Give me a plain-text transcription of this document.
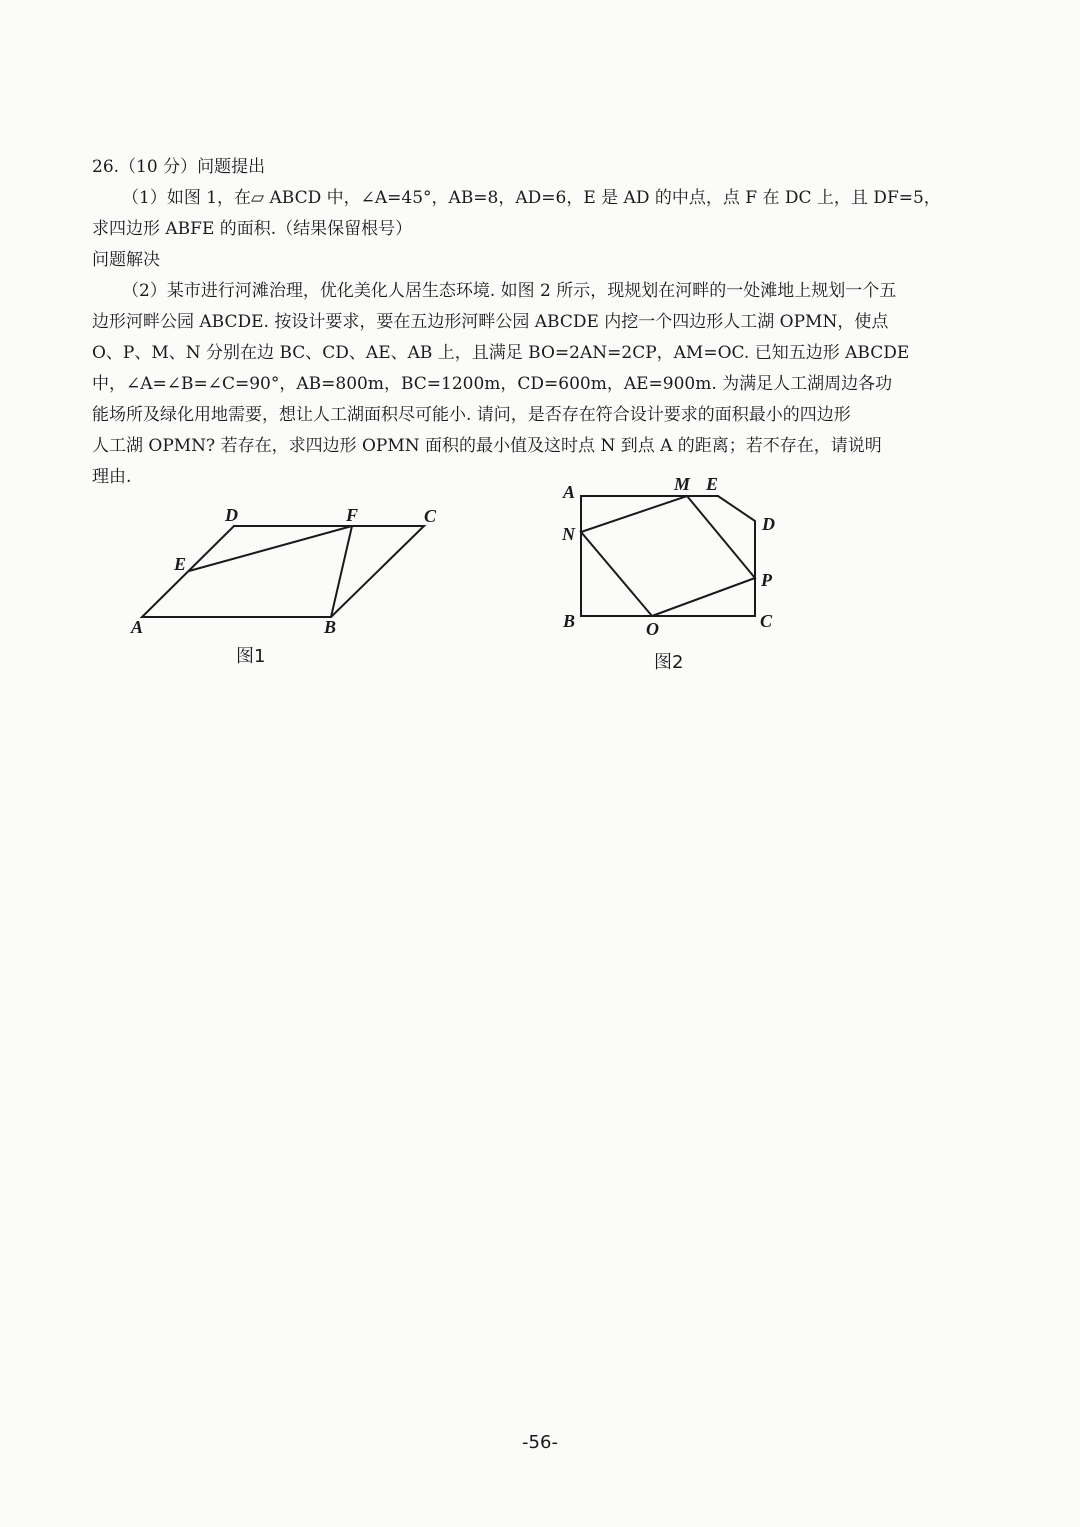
26.（10 分）问题提出

（1）如图 1，在▱ ABCD 中，∠A=45°，AB=8，AD=6，E 是 AD 的中点，点 F 在 DC 上，且 DF=5，

求四边形 ABFE 的面积.（结果保留根号）

问题解决

（2）某市进行河滩治理，优化美化人居生态环境. 如图 2 所示，现规划在河畔的一处滩地上规划一个五

边形河畔公园 ABCDE. 按设计要求，要在五边形河畔公园 ABCDE 内挖一个四边形人工湖 OPMN，使点

O、P、M、N 分别在边 BC、CD、AE、AB 上，且满足 BO=2AN=2CP，AM=OC. 已知五边形 ABCDE

中，∠A=∠B=∠C=90°，AB=800m，BC=1200m，CD=600m，AE=900m. 为满足人工湖周边各功

能场所及绿化用地需要，想让人工湖面积尽可能小. 请问，是否存在符合设计要求的面积最小的四边形

人工湖 OPMN? 若存在，求四边形 OPMN 面积的最小值及这时点 N 到点 A 的距离；若不存在，请说明

理由.

A	B
C
D
E
F
图1
A
B	C
D
E
M
N
O
P
图2
-56-
